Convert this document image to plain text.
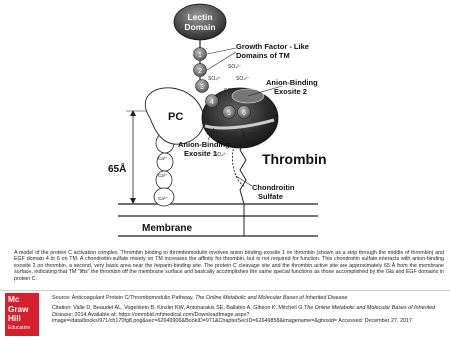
Membrane
65Å
Ca²⁺
Ca²⁺
Ca²⁺
PC
Thrombin
Lectin
Domain
1
2
3
4
5 6
SO₄²⁻
SO₄²⁻	SO₄²⁻
SO₄²⁻
SO₄²⁻
Growth Factor - Like
Domains of TM
Anion-Binding
Exosite 2
Anion-Binding
Exosite 1
Chondroitin
Sulfate
A model of the protein C activation complex. Thrombin binding to thrombomodulin involves anion binding exosite 1 on thrombin (shown as a strip through the middle of thrombin) and EGF domain 4 to 6 on TM. A chondroitin-sulfate moiety on TM increases the affinity for thrombin, but is not required for function. This chondroitin sulfate interacts with anion-binding exosite 2 on thrombin, a second, very basic area near the heparin-binding site. The protein C cleavage site and the thrombin active site are approximately 65 Å from the membrane surface, indicating that TM "lifts" the thrombin off the membrane surface and basically accomplishes the same special functions as those accomplished by the Gla and EGF domains in protein C.
Mc
Graw
Hill
Education
Source: Anticoagulant Protein C/Thrombomodulin Pathway, The Online Metabolic and Molecular Bases of Inherited Disease
Citation: Valle D, Beaudet AL, Vogelstein B, Kinzler KW, Antonarakis SE, Ballabio A, Gibson K, Mitchell G The Online Metabolic and Molecular Bases of Inherited Disease; 2014 Available at: https://ommbid.mhmedical.com/DownloadImage.aspx?image=/data/books/971/ch170fg8.png&sec=62649906&BookID=971&ChapterSecID=62649858&imagename=&gbosid= Accessed: December 27, 2017
